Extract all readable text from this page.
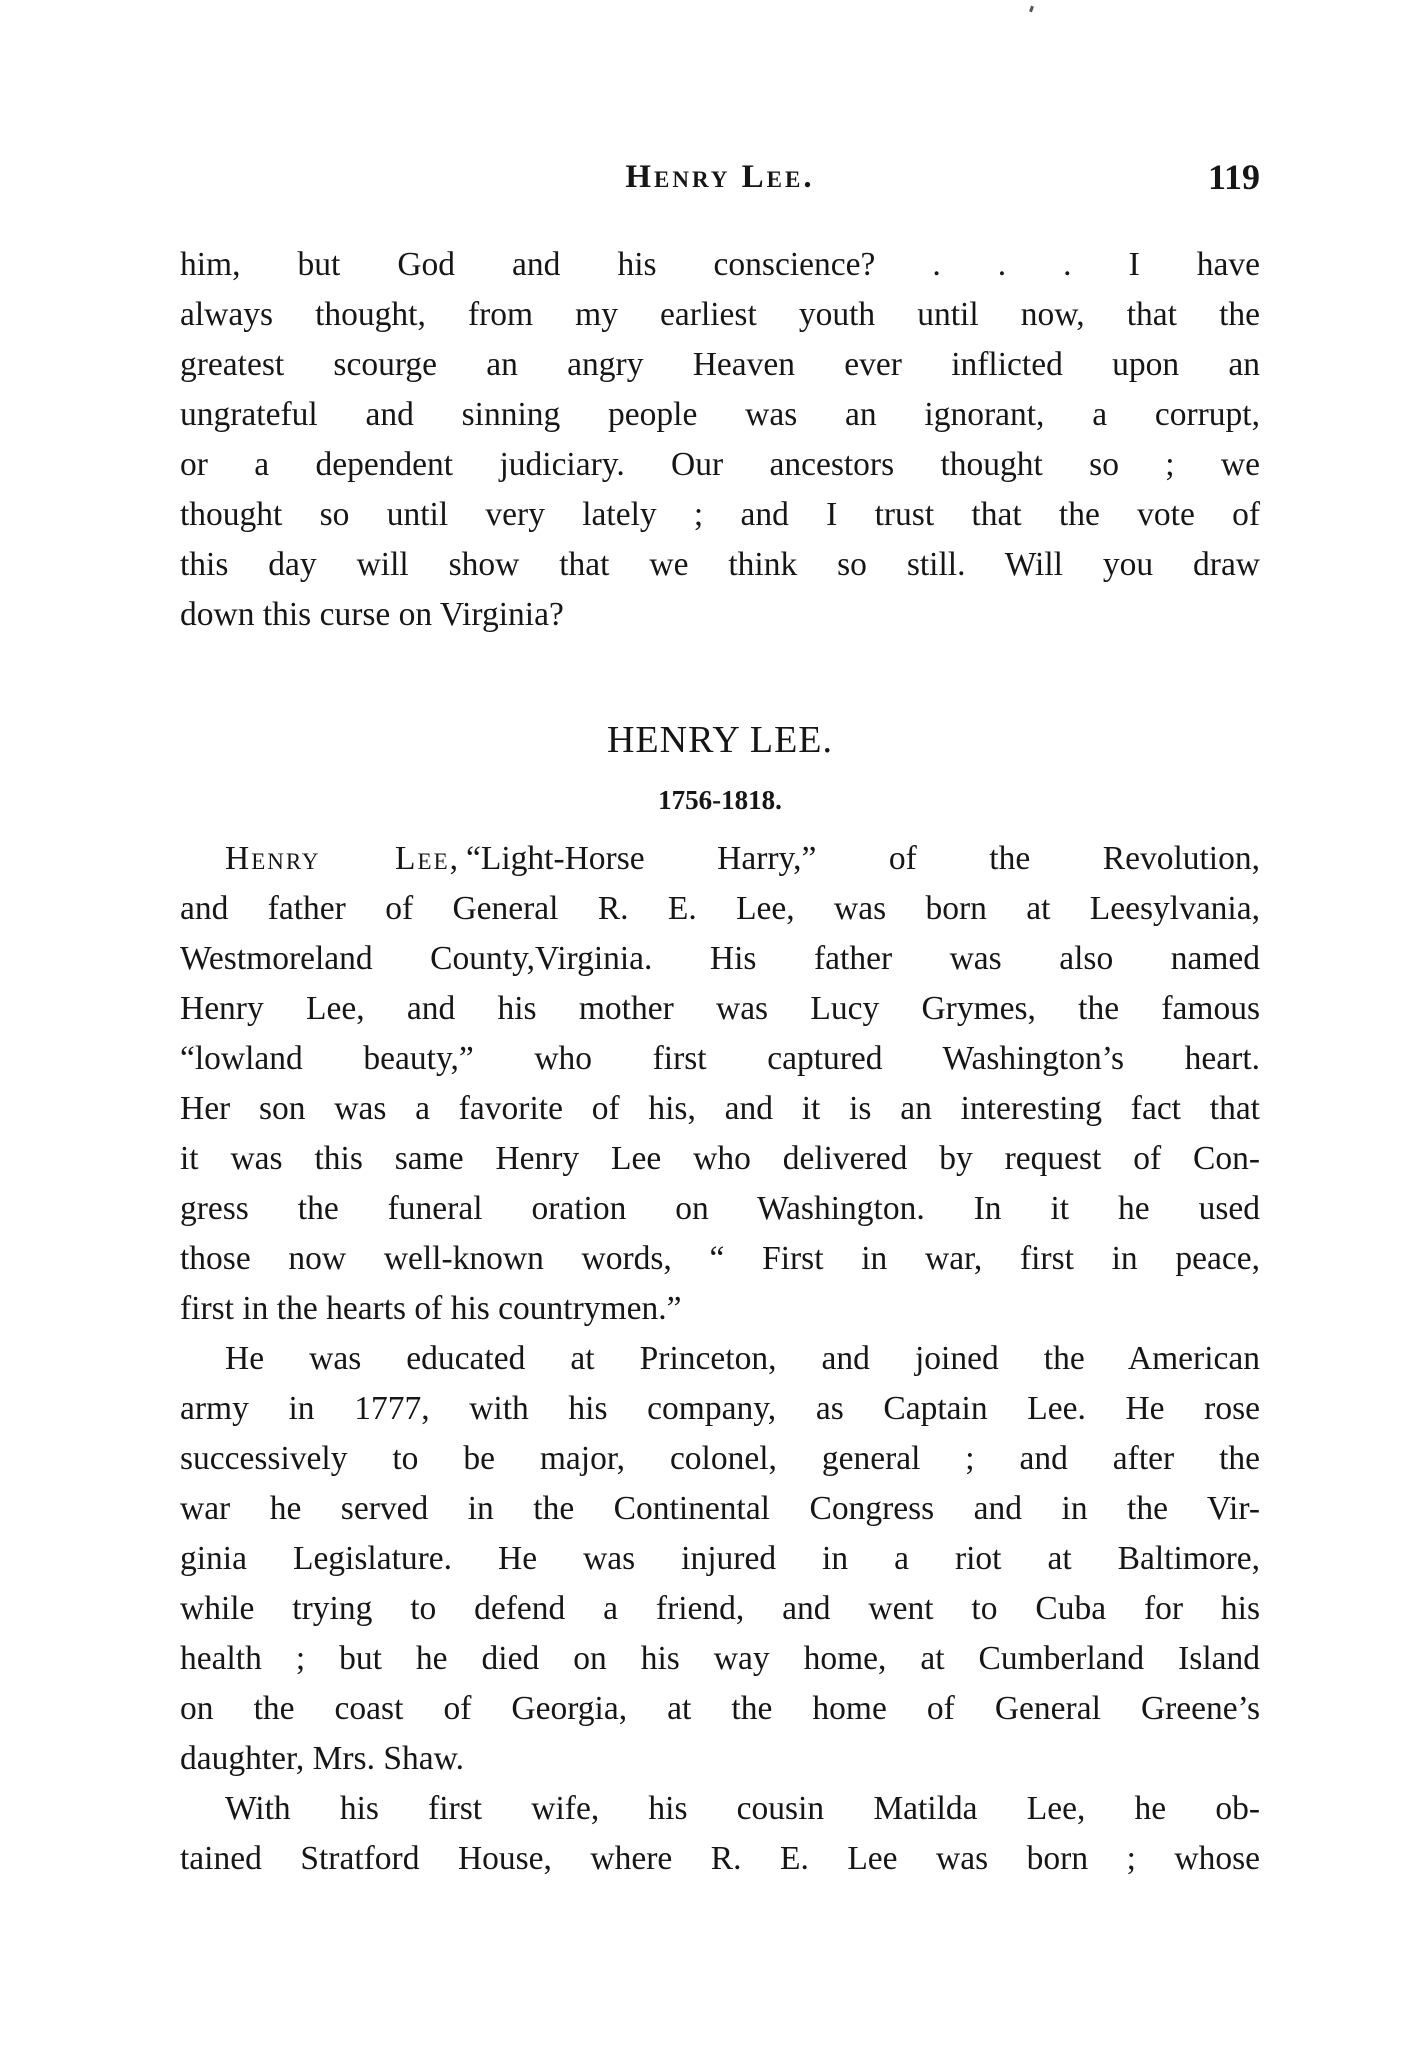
Henry Lee.	119
him, but God and his conscience? . . . I have
always thought, from my earliest youth until now, that the
greatest scourge an angry Heaven ever inflicted upon an
ungrateful and sinning people was an ignorant, a corrupt,
or a dependent judiciary. Our ancestors thought so ; we
thought so until very lately ; and I trust that the vote of
this day will show that we think so still. Will you draw
down this curse on Virginia?
HENRY LEE.
1756-1818.
Henry Lee, “Light-Horse Harry,” of the Revolution,
and father of General R. E. Lee, was born at Leesylvania,
Westmoreland County,Virginia. His father was also named
Henry Lee, and his mother was Lucy Grymes, the famous
“lowland beauty,” who first captured Washington’s heart.
Her son was a favorite of his, and it is an interesting fact that
it was this same Henry Lee who delivered by request of Con-
gress the funeral oration on Washington. In it he used
those now well-known words, “ First in war, first in peace,
first in the hearts of his countrymen.”
He was educated at Princeton, and joined the American
army in 1777, with his company, as Captain Lee. He rose
successively to be major, colonel, general ; and after the
war he served in the Continental Congress and in the Vir-
ginia Legislature. He was injured in a riot at Baltimore,
while trying to defend a friend, and went to Cuba for his
health ; but he died on his way home, at Cumberland Island
on the coast of Georgia, at the home of General Greene’s
daughter, Mrs. Shaw.
With his first wife, his cousin Matilda Lee, he ob-
tained Stratford House, where R. E. Lee was born ; whose
